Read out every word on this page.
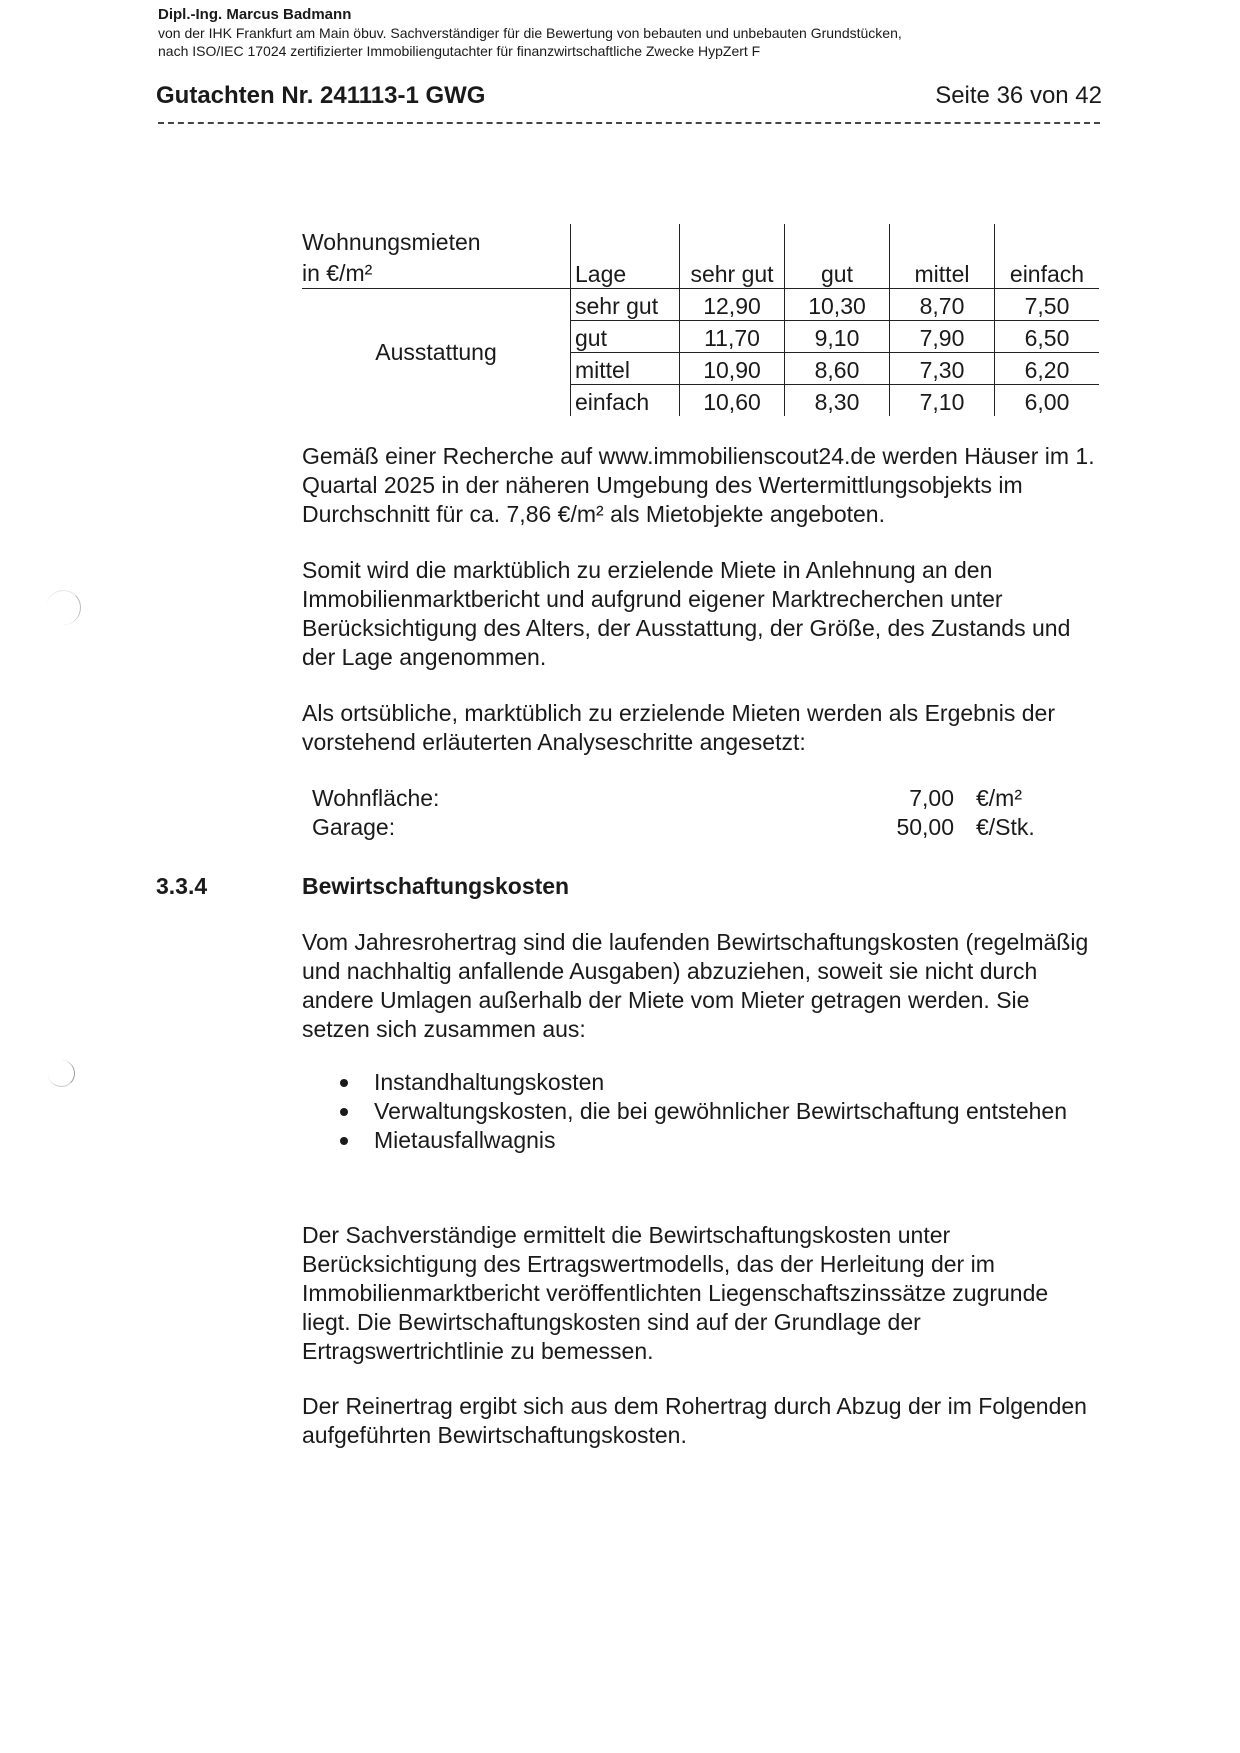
Dipl.-Ing. Marcus Badmann
von der IHK Frankfurt am Main öbuv. Sachverständiger für die Bewertung von bebauten und unbebauten Grundstücken,
nach ISO/IEC 17024 zertifizierter Immobiliengutachter für finanzwirtschaftliche Zwecke HypZert F
Gutachten Nr. 241113-1 GWG	Seite 36 von 42
Wohnungsmieten					
in €/m²	Lage	sehr gut	gut	mittel	einfach
Ausstattung	sehr gut	12,90	10,30	8,70	7,50
	gut	11,70	9,10	7,90	6,50
	mittel	10,90	8,60	7,30	6,20
	einfach	10,60	8,30	7,10	6,00
Gemäß einer Recherche auf www.immobilienscout24.de werden Häuser im 1. Quartal 2025 in der näheren Umgebung des Wertermittlungsobjekts im Durchschnitt für ca. 7,86 €/m² als Mietobjekte angeboten.
Somit wird die marktüblich zu erzielende Miete in Anlehnung an den Immobilienmarktbericht und aufgrund eigener Marktrecherchen unter Berücksichtigung des Alters, der Ausstattung, der Größe, des Zustands und der Lage angenommen.
Als ortsübliche, marktüblich zu erzielende Mieten werden als Ergebnis der vorstehend erläuterten Analyseschritte angesetzt:
Wohnfläche:	7,00 €/m²
Garage:	50,00 €/Stk.
3.3.4	Bewirtschaftungskosten
Vom Jahresrohertrag sind die laufenden Bewirtschaftungskosten (regelmäßig und nachhaltig anfallende Ausgaben) abzuziehen, soweit sie nicht durch andere Umlagen außerhalb der Miete vom Mieter getragen werden. Sie setzen sich zusammen aus:
Instandhaltungskosten
Verwaltungskosten, die bei gewöhnlicher Bewirtschaftung entstehen
Mietausfallwagnis
Der Sachverständige ermittelt die Bewirtschaftungskosten unter Berücksichtigung des Ertragswertmodells, das der Herleitung der im Immobilienmarktbericht veröffentlichten Liegenschaftszinssätze zugrunde liegt. Die Bewirtschaftungskosten sind auf der Grundlage der Ertragswertrichtlinie zu bemessen.
Der Reinertrag ergibt sich aus dem Rohertrag durch Abzug der im Folgenden aufgeführten Bewirtschaftungskosten.
